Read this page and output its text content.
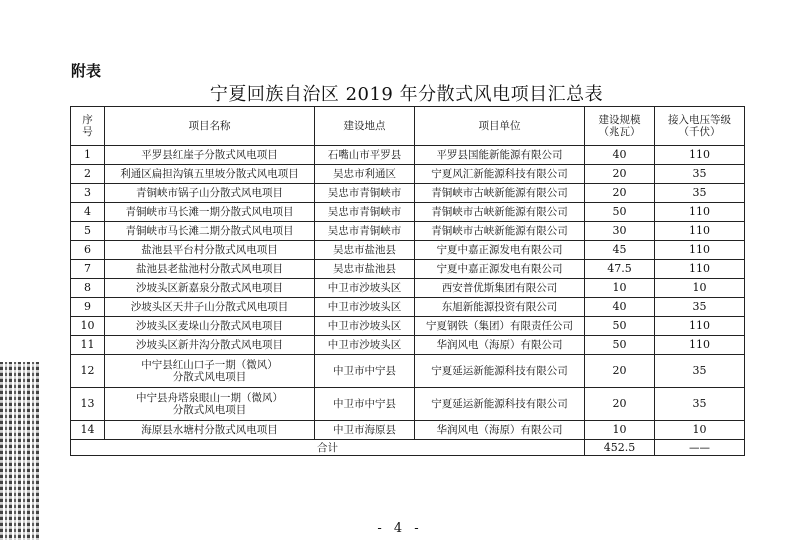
附表
宁夏回族自治区 2019 年分散式风电项目汇总表
序号	项目名称	建设地点	项目单位	建设规模（兆瓦）	接入电压等级（千伏）
1	平罗县红崖子分散式风电项目	石嘴山市平罗县	平罗县国能新能源有限公司	40	110
2	利通区扁担沟镇五里坡分散式风电项目	吴忠市利通区	宁夏风汇新能源科技有限公司	20	35
3	青铜峡市锅子山分散式风电项目	吴忠市青铜峡市	青铜峡市古峡新能源有限公司	20	35
4	青铜峡市马长滩一期分散式风电项目	吴忠市青铜峡市	青铜峡市古峡新能源有限公司	50	110
5	青铜峡市马长滩二期分散式风电项目	吴忠市青铜峡市	青铜峡市古峡新能源有限公司	30	110
6	盐池县平台村分散式风电项目	吴忠市盐池县	宁夏中嘉正源发电有限公司	45	110
7	盐池县老盐池村分散式风电项目	吴忠市盐池县	宁夏中嘉正源发电有限公司	47.5	110
8	沙坡头区新嘉泉分散式风电项目	中卫市沙坡头区	西安普优斯集团有限公司	10	10
9	沙坡头区天井子山分散式风电项目	中卫市沙坡头区	东旭新能源投资有限公司	40	35
10	沙坡头区麦垛山分散式风电项目	中卫市沙坡头区	宁夏钢铁（集团）有限责任公司	50	110
11	沙坡头区新井沟分散式风电项目	中卫市沙坡头区	华润风电（海原）有限公司	50	110
12	中宁县红山口子一期（微风）
分散式风电项目	中卫市中宁县	宁夏延运新能源科技有限公司	20	35
13	中宁县舟塔泉眼山一期（微风）
分散式风电项目	中卫市中宁县	宁夏延运新能源科技有限公司	20	35
14	海原县水塘村分散式风电项目	中卫市海原县	华润风电（海原）有限公司	10	10
合计				452.5	——
- 4 -
